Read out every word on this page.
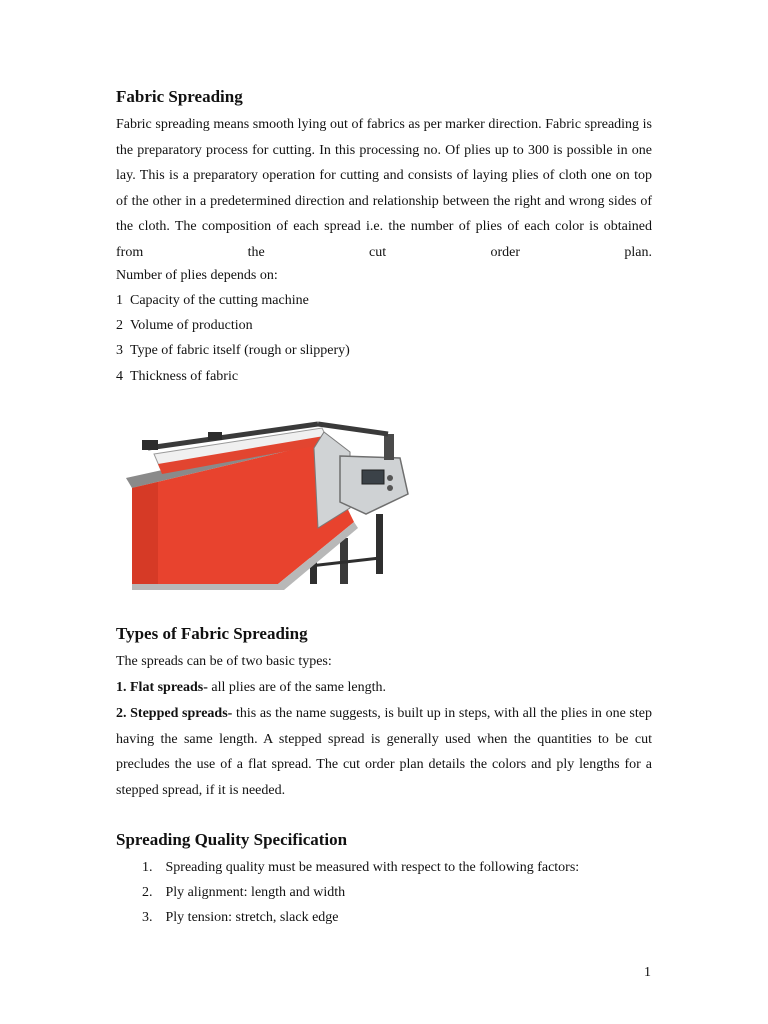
Fabric Spreading

Fabric spreading means smooth lying out of fabrics as per marker direction. Fabric spreading is the preparatory process for cutting. In this processing no. Of plies up to 300 is possible in one lay. This is a preparatory operation for cutting and consists of laying plies of cloth one on top of the other in a predetermined direction and relationship between the right and wrong sides of the cloth. The composition of each spread i.e. the number of plies of each color is obtained from the cut order plan.

Number of plies depends on:
1 Capacity of the cutting machine
2 Volume of production
3 Type of fabric itself (rough or slippery)
4 Thickness of fabric
Types of Fabric Spreading
The spreads can be of two basic types:
1. Flat spreads- all plies are of the same length.

2. Stepped spreads- this as the name suggests, is built up in steps, with all the plies in one step having the same length. A stepped spread is generally used when the quantities to be cut precludes the use of a flat spread. The cut order plan details the colors and ply lengths for a stepped spread, if it is needed.

Spreading Quality Specification
1. Spreading quality must be measured with respect to the following factors:
2. Ply alignment: length and width
3. Ply tension: stretch, slack edge
1
